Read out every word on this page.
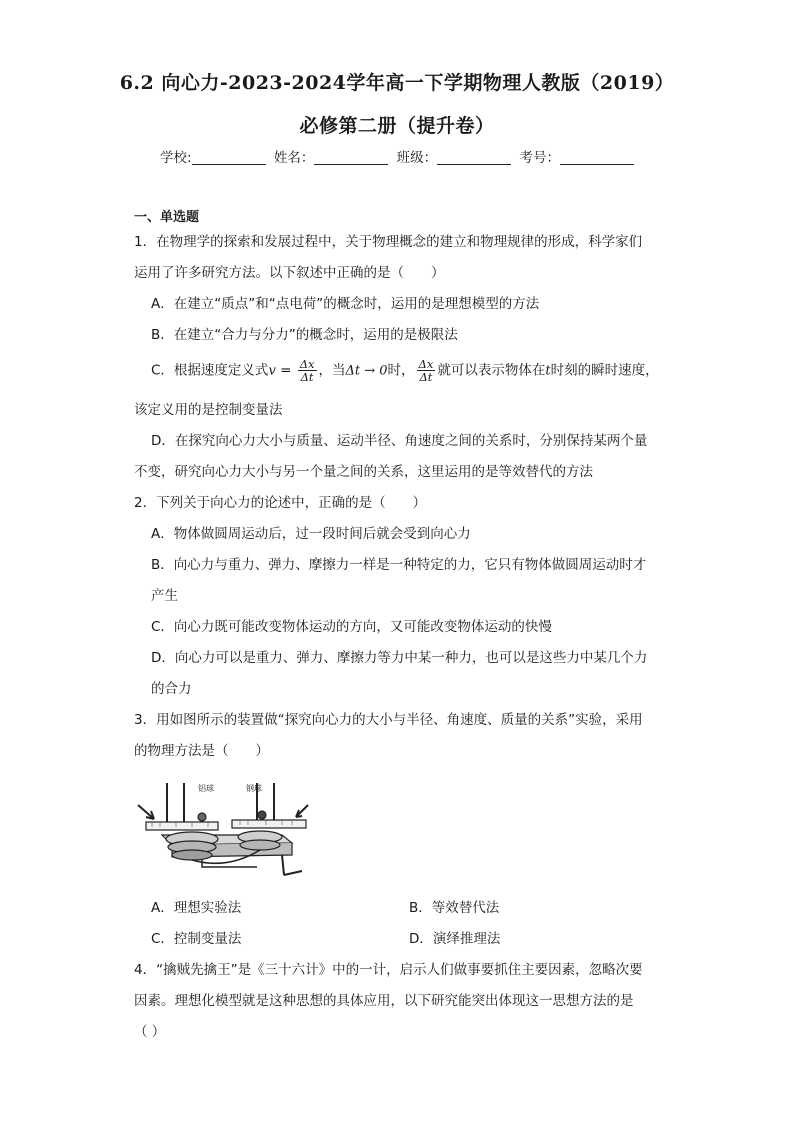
6.2 向心力-2023-2024学年高一下学期物理人教版（2019）
必修第二册（提升卷）
学校:	姓名：	班级：	考号：
一、单选题
1．在物理学的探索和发展过程中，关于物理概念的建立和物理规律的形成，科学家们
运用了许多研究方法。以下叙述中正确的是（　　）
A．在建立“质点”和“点电荷”的概念时，运用的是理想模型的方法
B．在建立“合力与分力”的概念时，运用的是极限法
C．根据速度定义式$v = \frac{\Delta x}{\Delta t}$ ，当Δt → 0时， $\frac{\Delta x}{\Delta t}$ 就可以表示物体在t时刻的瞬时速度，
该定义用的是控制变量法
D．在探究向心力大小与质量、运动半径、角速度之间的关系时，分别保持某两个量
不变，研究向心力大小与另一个量之间的关系，这里运用的是等效替代的方法
2．下列关于向心力的论述中，正确的是（　　）
A．物体做圆周运动后，过一段时间后就会受到向心力
B．向心力与重力、弹力、摩擦力一样是一种特定的力，它只有物体做圆周运动时才
产生
C．向心力既可能改变物体运动的方向，又可能改变物体运动的快慢
D．向心力可以是重力、弹力、摩擦力等力中某一种力，也可以是这些力中某几个力
的合力
3．用如图所示的装置做“探究向心力的大小与半径、角速度、质量的关系”实验，采用
的物理方法是（　　）
铝球	钢球
A．理想实验法	B．等效替代法
C．控制变量法	D．演绎推理法
4．“擒贼先擒王”是《三十六计》中的一计，启示人们做事要抓住主要因素，忽略次要
因素。理想化模型就是这种思想的具体应用，以下研究能突出体现这一思想方法的是
（ ）
